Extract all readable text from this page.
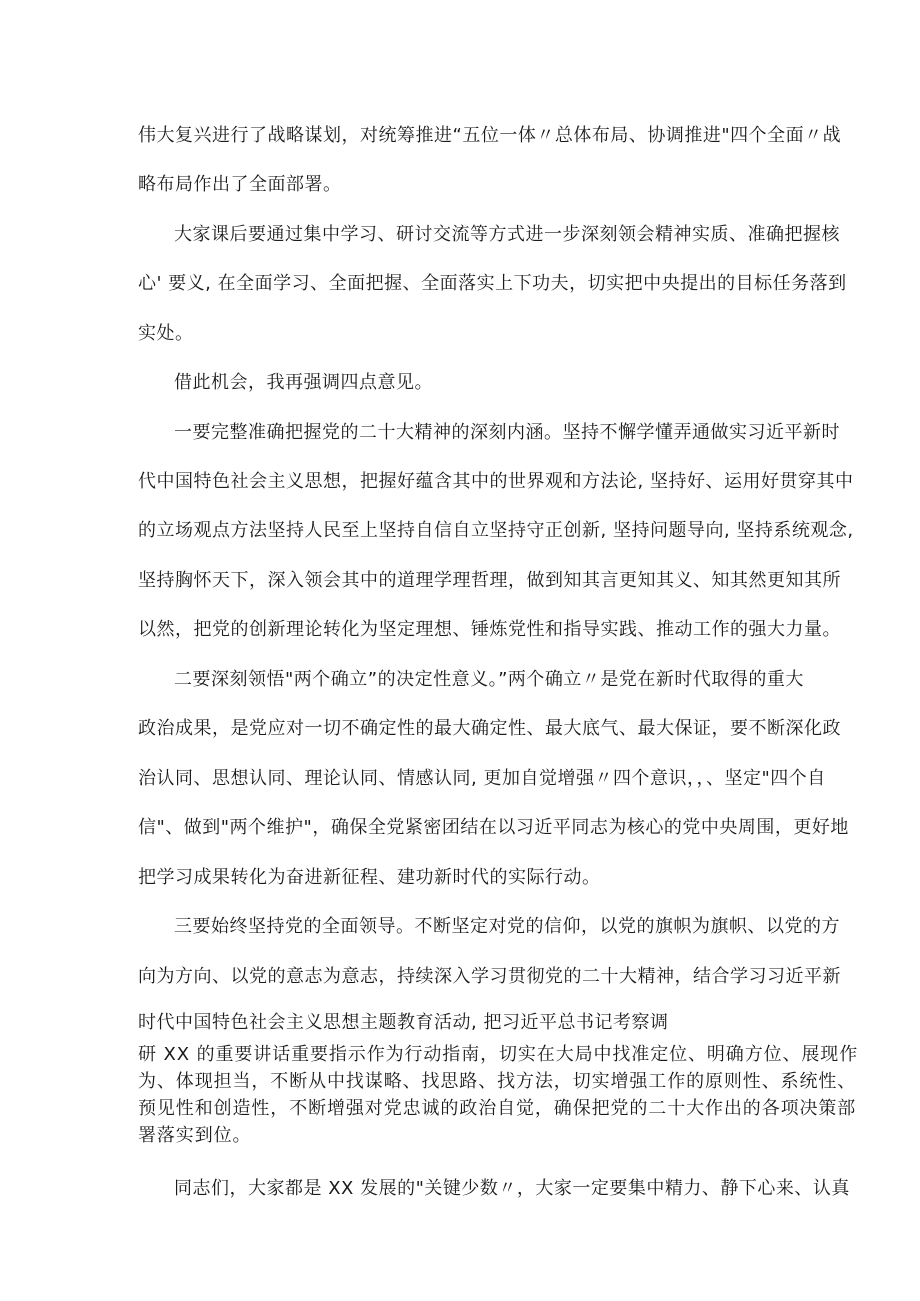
伟大复兴进行了战略谋划，对统筹推进“五位一体〃总体布局、协调推进"四个全面〃战
略布局作出了全面部署。
大家课后要通过集中学习、研讨交流等方式进一步深刻领会精神实质、准确把握核
心' 要义, 在全面学习、全面把握、全面落实上下功夫，切实把中央提出的目标任务落到
实处。
借此机会，我再强调四点意见。
一要完整准确把握党的二十大精神的深刻内涵。坚持不懈学懂弄通做实习近平新时
代中国特色社会主义思想，把握好蕴含其中的世界观和方法论, 坚持好、运用好贯穿其中
的立场观点方法坚持人民至上坚持自信自立坚持守正创新, 坚持问题导向, 坚持系统观念,
坚持胸怀天下，深入领会其中的道理学理哲理，做到知其言更知其义、知其然更知其所
以然，把党的创新理论转化为坚定理想、锤炼党性和指导实践、推动工作的强大力量。
二要深刻领悟"两个确立”的决定性意义。”两个确立〃是党在新时代取得的重大
政治成果，是党应对一切不确定性的最大确定性、最大底气、最大保证，要不断深化政
治认同、思想认同、理论认同、情感认同, 更加自觉增强〃四个意识，，、坚定"四个自
信"、做到"两个维护"，确保全党紧密团结在以习近平同志为核心的党中央周围，更好地
把学习成果转化为奋进新征程、建功新时代的实际行动。
三要始终坚持党的全面领导。不断坚定对党的信仰，以党的旗帜为旗帜、以党的方
向为方向、以党的意志为意志，持续深入学习贯彻党的二十大精神，结合学习习近平新
时代中国特色社会主义思想主题教育活动, 把习近平总书记考察调
研 XX 的重要讲话重要指示作为行动指南，切实在大局中找准定位、明确方位、展现作
为、体现担当，不断从中找谋略、找思路、找方法，切实增强工作的原则性、系统性、
预见性和创造性，不断增强对党忠诚的政治自觉，确保把党的二十大作出的各项决策部
署落实到位。
同志们，大家都是 XX 发展的"关键少数〃，大家一定要集中精力、静下心来、认真
